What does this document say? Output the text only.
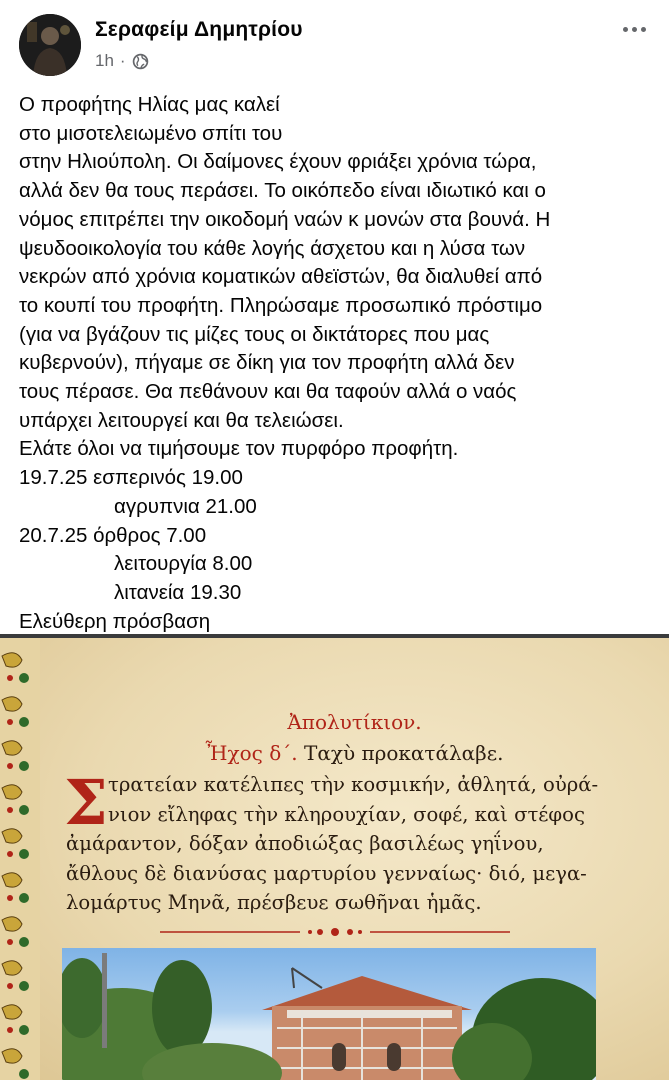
Σεραφείμ Δημητρίου
1h ·
Ο προφήτης Ηλίας μας καλεί
στο μισοτελειωμένο σπίτι του
στην Ηλιούπολη. Οι δαίμονες έχουν φριάξει χρόνια τώρα,
αλλά δεν θα τους περάσει. Το οικόπεδο είναι ιδιωτικό και ο
νόμος επιτρέπει την οικοδομή ναών κ μονών στα βουνά. Η
ψευδοοικολογία του κάθε λογής άσχετου και η λύσα των
νεκρών από χρόνια κοματικών αθεϊστών, θα διαλυθεί από
το κουπί του προφήτη. Πληρώσαμε προσωπικό πρόστιμο
(για να βγάζουν τις μίζες τους οι δικτάτορες που μας
κυβερνούν), πήγαμε σε δίκη για τον προφήτη αλλά δεν
τους πέρασε. Θα πεθάνουν και θα ταφούν αλλά ο ναός
υπάρχει λειτουργεί και θα τελειώσει.
Ελάτε όλοι να τιμήσουμε τον πυρφόρο προφήτη.
19.7.25 εσπερινός 19.00
αγρυπνια 21.00
20.7.25 όρθρος 7.00
λειτουργία 8.00
λιτανεία 19.30
Ελεύθερη πρόσβαση
Ἀπολυτίκιον.
Ἦχος δ΄. Ταχὺ προκατάλαβε.
Σ τρατείαν κατέλιπες τὴν κοσμικήν, ἀθλητά, οὐρά-
νιον εἴληφας τὴν κληρουχίαν, σοφέ, καὶ στέφος
ἀμάραντον, δόξαν ἀποδιώξας βασιλέως γηΐνου,
ἄθλους δὲ διανύσας μαρτυρίου γενναίως· διό, μεγα-
λομάρτυς Μηνᾶ, πρέσβευε σωθῆναι ἡμᾶς.
